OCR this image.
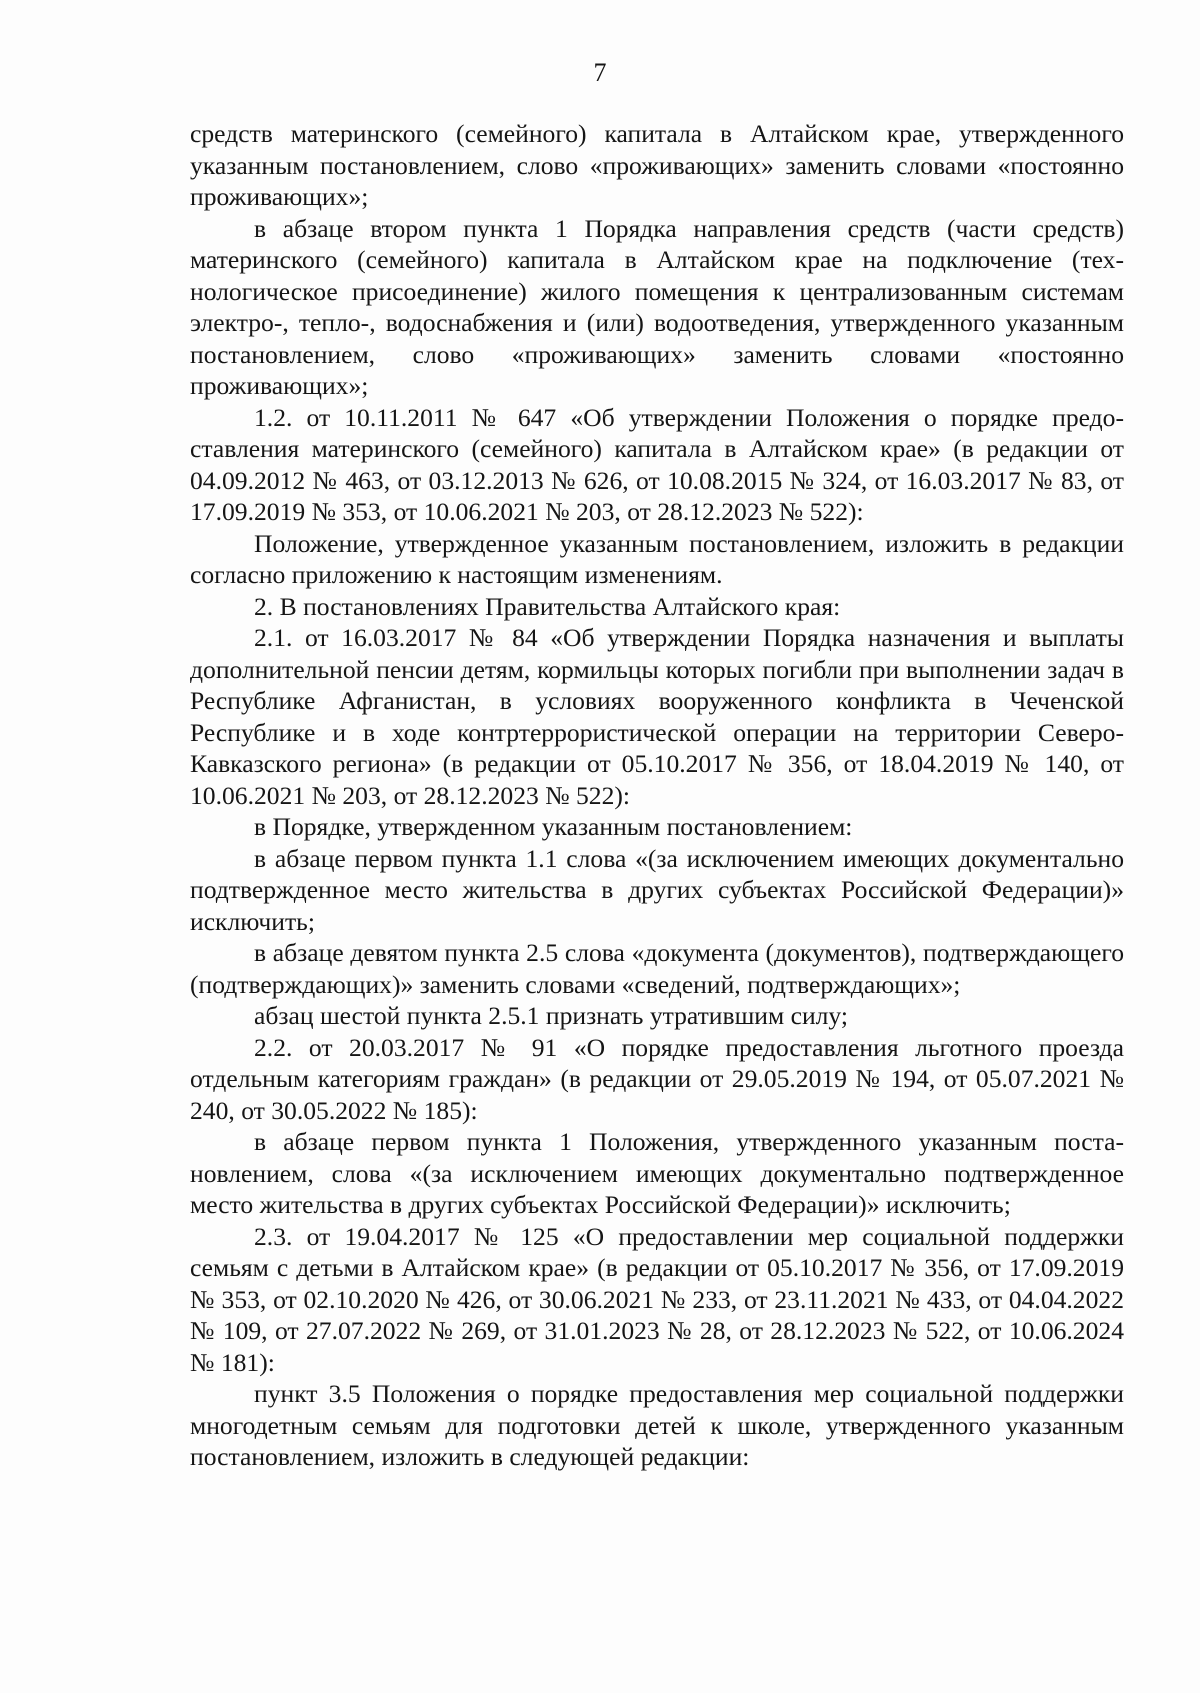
7

средств материнского (семейного) капитала в Алтайском крае, утвержденного указанным постановлением, слово «проживающих» заменить словами «постоянно проживающих»;

в абзаце втором пункта 1 Порядка направления средств (части средств) материнского (семейного) капитала в Алтайском крае на подключение (технологическое присоединение) жилого помещения к централизованным системам электро-, тепло-, водоснабжения и (или) водоотведения, утвержденного указанным постановлением, слово «проживающих» заменить словами «постоянно проживающих»;

1.2. от 10.11.2011 № 647 «Об утверждении Положения о порядке предоставления материнского (семейного) капитала в Алтайском крае» (в редакции от 04.09.2012 № 463, от 03.12.2013 № 626, от 10.08.2015 № 324, от 16.03.2017 № 83, от 17.09.2019 № 353, от 10.06.2021 № 203, от 28.12.2023 № 522):

Положение, утвержденное указанным постановлением, изложить в редакции согласно приложению к настоящим изменениям.

2. В постановлениях Правительства Алтайского края:

2.1. от 16.03.2017 № 84 «Об утверждении Порядка назначения и выплаты дополнительной пенсии детям, кормильцы которых погибли при выполнении задач в Республике Афганистан, в условиях вооруженного конфликта в Чеченской Республике и в ходе контртеррористической операции на территории Северо-Кавказского региона» (в редакции от 05.10.2017 № 356, от 18.04.2019 № 140, от 10.06.2021 № 203, от 28.12.2023 № 522):

в Порядке, утвержденном указанным постановлением:

в абзаце первом пункта 1.1 слова «(за исключением имеющих документально подтвержденное место жительства в других субъектах Российской Федерации)» исключить;

в абзаце девятом пункта 2.5 слова «документа (документов), подтверждающего (подтверждающих)» заменить словами «сведений, подтверждающих»;

абзац шестой пункта 2.5.1 признать утратившим силу;

2.2. от 20.03.2017 № 91 «О порядке предоставления льготного проезда отдельным категориям граждан» (в редакции от 29.05.2019 № 194, от 05.07.2021 № 240, от 30.05.2022 № 185):

в абзаце первом пункта 1 Положения, утвержденного указанным постановлением, слова «(за исключением имеющих документально подтвержденное место жительства в других субъектах Российской Федерации)» исключить;

2.3. от 19.04.2017 № 125 «О предоставлении мер социальной поддержки семьям с детьми в Алтайском крае» (в редакции от 05.10.2017 № 356, от 17.09.2019 № 353, от 02.10.2020 № 426, от 30.06.2021 № 233, от 23.11.2021 № 433, от 04.04.2022 № 109, от 27.07.2022 № 269, от 31.01.2023 № 28, от 28.12.2023 № 522, от 10.06.2024 № 181):

пункт 3.5 Положения о порядке предоставления мер социальной поддержки многодетным семьям для подготовки детей к школе, утвержденного указанным постановлением, изложить в следующей редакции:
